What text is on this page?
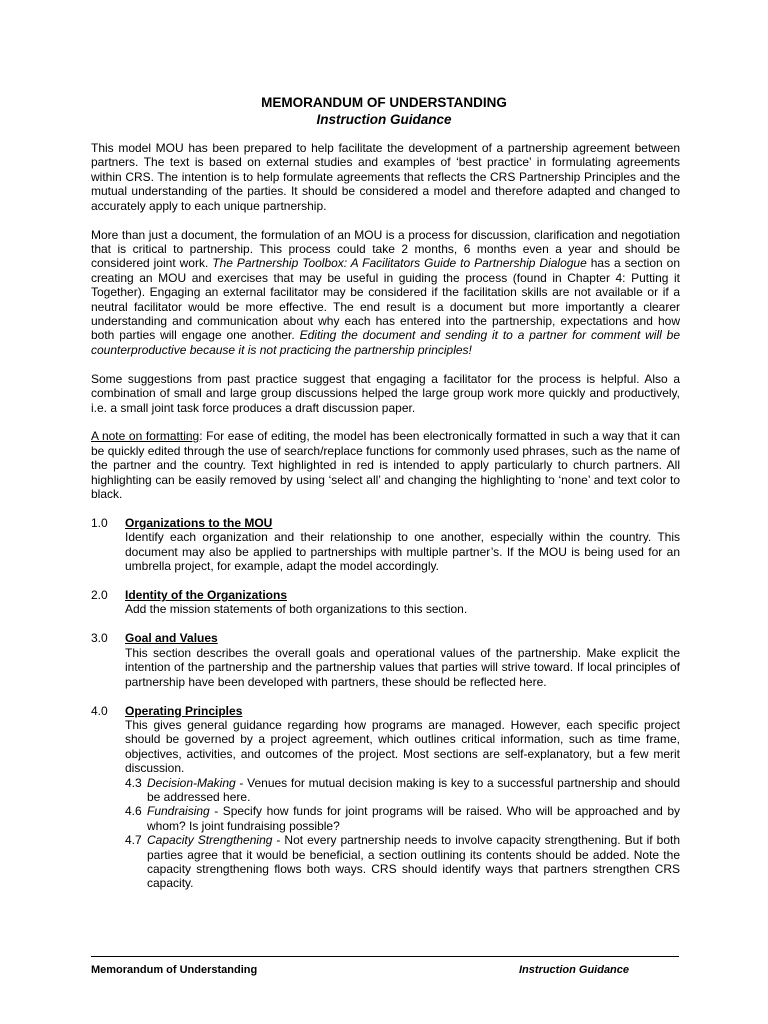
MEMORANDUM OF UNDERSTANDING
Instruction Guidance

This model MOU has been prepared to help facilitate the development of a partnership agreement between partners. The text is based on external studies and examples of ‘best practice’ in formulating agreements within CRS. The intention is to help formulate agreements that reflects the CRS Partnership Principles and the mutual understanding of the parties. It should be considered a model and therefore adapted and changed to accurately apply to each unique partnership.

More than just a document, the formulation of an MOU is a process for discussion, clarification and negotiation that is critical to partnership. This process could take 2 months, 6 months even a year and should be considered joint work. The Partnership Toolbox: A Facilitators Guide to Partnership Dialogue has a section on creating an MOU and exercises that may be useful in guiding the process (found in Chapter 4: Putting it Together). Engaging an external facilitator may be considered if the facilitation skills are not available or if a neutral facilitator would be more effective. The end result is a document but more importantly a clearer understanding and communication about why each has entered into the partnership, expectations and how both parties will engage one another. Editing the document and sending it to a partner for comment will be counterproductive because it is not practicing the partnership principles!

Some suggestions from past practice suggest that engaging a facilitator for the process is helpful. Also a combination of small and large group discussions helped the large group work more quickly and productively, i.e. a small joint task force produces a draft discussion paper.

A note on formatting: For ease of editing, the model has been electronically formatted in such a way that it can be quickly edited through the use of search/replace functions for commonly used phrases, such as the name of the partner and the country. Text highlighted in red is intended to apply particularly to church partners. All highlighting can be easily removed by using ‘select all’ and changing the highlighting to ‘none’ and text color to black.

1.0	Organizations to the MOU
Identify each organization and their relationship to one another, especially within the country. This document may also be applied to partnerships with multiple partner’s. If the MOU is being used for an umbrella project, for example, adapt the model accordingly.
2.0	Identity of the Organizations
Add the mission statements of both organizations to this section.
3.0	Goal and Values
This section describes the overall goals and operational values of the partnership. Make explicit the intention of the partnership and the partnership values that parties will strive toward. If local principles of partnership have been developed with partners, these should be reflected here.
4.0	Operating Principles
This gives general guidance regarding how programs are managed. However, each specific project should be governed by a project agreement, which outlines critical information, such as time frame, objectives, activities, and outcomes of the project. Most sections are self-explanatory, but a few merit discussion.
4.3 Decision-Making - Venues for mutual decision making is key to a successful partnership and should be addressed here.
4.6 Fundraising - Specify how funds for joint programs will be raised. Who will be approached and by whom? Is joint fundraising possible?
4.7 Capacity Strengthening - Not every partnership needs to involve capacity strengthening. But if both parties agree that it would be beneficial, a section outlining its contents should be added. Note the capacity strengthening flows both ways. CRS should identify ways that partners strengthen CRS capacity.
Memorandum of Understanding	Instruction Guidance
